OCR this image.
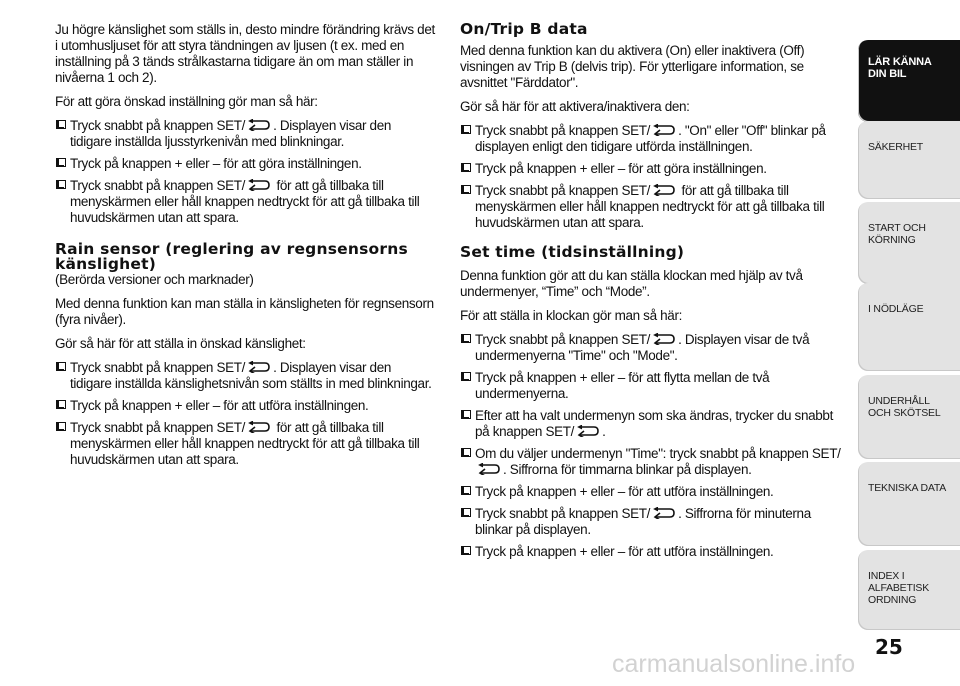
Ju högre känslighet som ställs in, desto mindre förändring krävs det i utomhusljuset för att styra tändningen av ljusen (t ex. med en inställning på 3 tänds strålkastarna tidigare än om man ställer in nivåerna 1 och 2).

För att göra önskad inställning gör man så här:

Tryck snabbt på knappen SET/ . Displayen visar den tidigare inställda ljusstyrkenivån med blinkningar.
Tryck på knappen + eller – för att göra inställningen.
Tryck snabbt på knappen SET/ för att gå tillbaka till menyskärmen eller håll knappen nedtryckt för att gå tillbaka till huvudskärmen utan att spara.
Rain sensor (reglering av regnsensorns känslighet)

(Berörda versioner och marknader)

Med denna funktion kan man ställa in känsligheten för regnsensorn (fyra nivåer).

Gör så här för att ställa in önskad känslighet:

Tryck snabbt på knappen SET/ . Displayen visar den tidigare inställda känslighetsnivån som ställts in med blinkningar.
Tryck på knappen + eller – för att utföra inställningen.
Tryck snabbt på knappen SET/ för att gå tillbaka till menyskärmen eller håll knappen nedtryckt för att gå tillbaka till huvudskärmen utan att spara.
On/Trip B data

Med denna funktion kan du aktivera (On) eller inaktivera (Off) visningen av Trip B (delvis trip). För ytterligare information, se avsnittet "Färddator".

Gör så här för att aktivera/inaktivera den:

Tryck snabbt på knappen SET/ . "On" eller "Off" blinkar på displayen enligt den tidigare utförda inställningen.
Tryck på knappen + eller – för att göra inställningen.
Tryck snabbt på knappen SET/ för att gå tillbaka till menyskärmen eller håll knappen nedtryckt för att gå tillbaka till huvudskärmen utan att spara.
Set time (tidsinställning)

Denna funktion gör att du kan ställa klockan med hjälp av två undermenyer, “Time” och “Mode”.

För att ställa in klockan gör man så här:

Tryck snabbt på knappen SET/ . Displayen visar de två undermenyerna "Time" och "Mode".
Tryck på knappen + eller – för att flytta mellan de två undermenyerna.
Efter att ha valt undermenyn som ska ändras, trycker du snabbt på knappen SET/ .
Om du väljer undermenyn "Time": tryck snabbt på knappen SET/ . Siffrorna för timmarna blinkar på displayen.
Tryck på knappen + eller – för att utföra inställningen.
Tryck snabbt på knappen SET/ . Siffrorna för minuterna blinkar på displayen.
Tryck på knappen + eller – för att utföra inställningen.
LÄR KÄNNA DIN BIL
SÄKERHET
START OCH KÖRNING
I NÖDLÄGE
UNDERHÅLL OCH SKÖTSEL
TEKNISKA DATA
INDEX I ALFABETISK ORDNING
25
carmanualsonline.info
